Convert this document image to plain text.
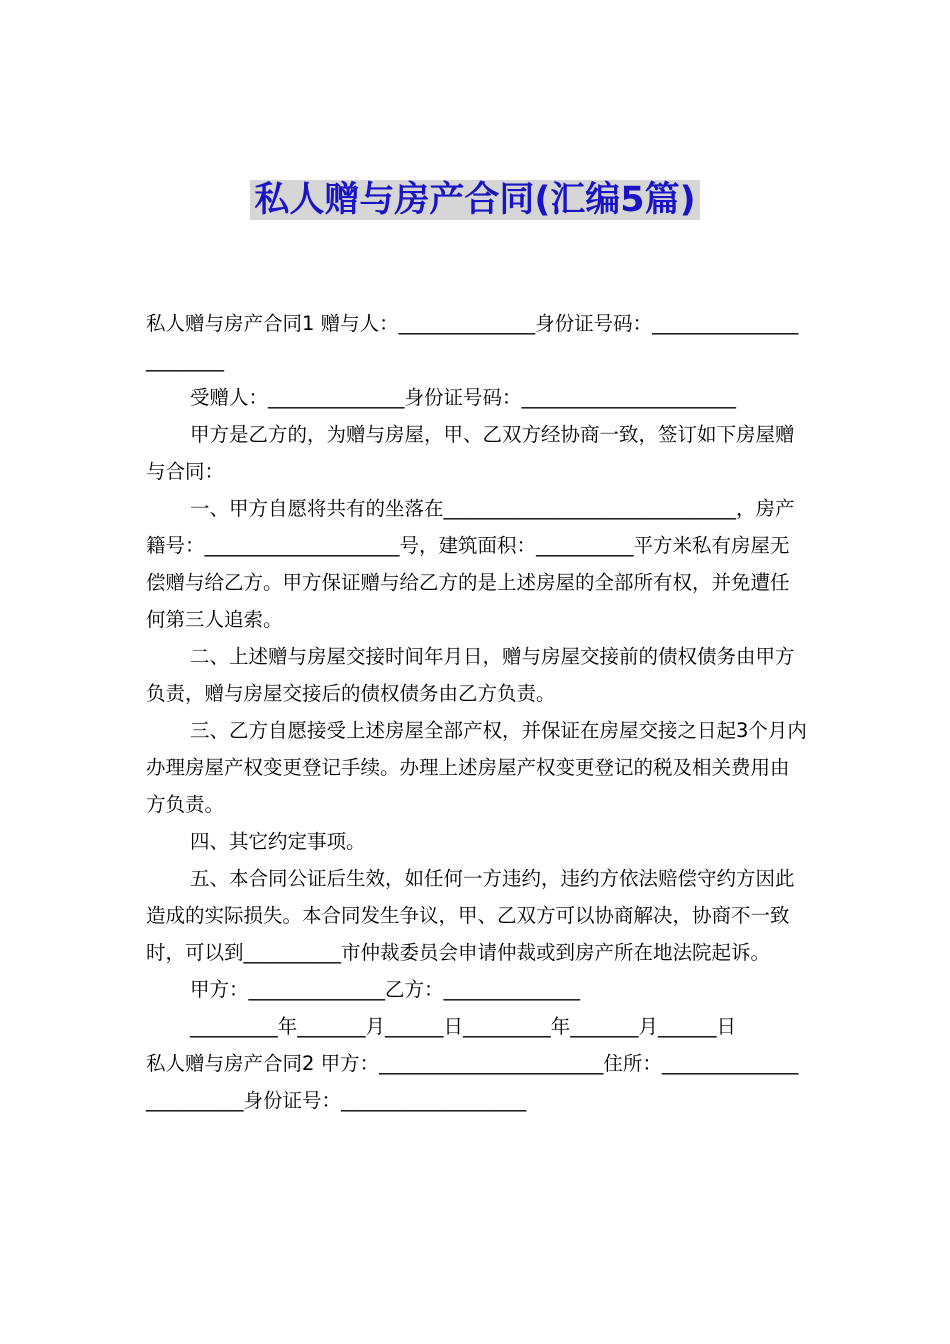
私人赠与房产合同(汇编5篇)

私人赠与房产合同1 赠与人：______________身份证号码：_______________________

受赠人：______________身份证号码：______________________

甲方是乙方的，为赠与房屋，甲、乙双方经协商一致，签订如下房屋赠与合同：

一、甲方自愿将共有的坐落在______________________________，房产籍号：____________________号，建筑面积：__________平方米私有房屋无偿赠与给乙方。甲方保证赠与给乙方的是上述房屋的全部所有权，并免遭任何第三人追索。

二、上述赠与房屋交接时间年月日，赠与房屋交接前的债权债务由甲方负责，赠与房屋交接后的债权债务由乙方负责。

三、乙方自愿接受上述房屋全部产权，并保证在房屋交接之日起3个月内办理房屋产权变更登记手续。办理上述房屋产权变更登记的税及相关费用由方负责。

四、其它约定事项。

五、本合同公证后生效，如任何一方违约，违约方依法赔偿守约方因此造成的实际损失。本合同发生争议，甲、乙双方可以协商解决，协商不一致时，可以到__________市仲裁委员会申请仲裁或到房产所在地法院起诉。

甲方：______________乙方：______________

_________年_______月______日_________年_______月______日

私人赠与房产合同2 甲方：_______________________住所：________________________身份证号：___________________
